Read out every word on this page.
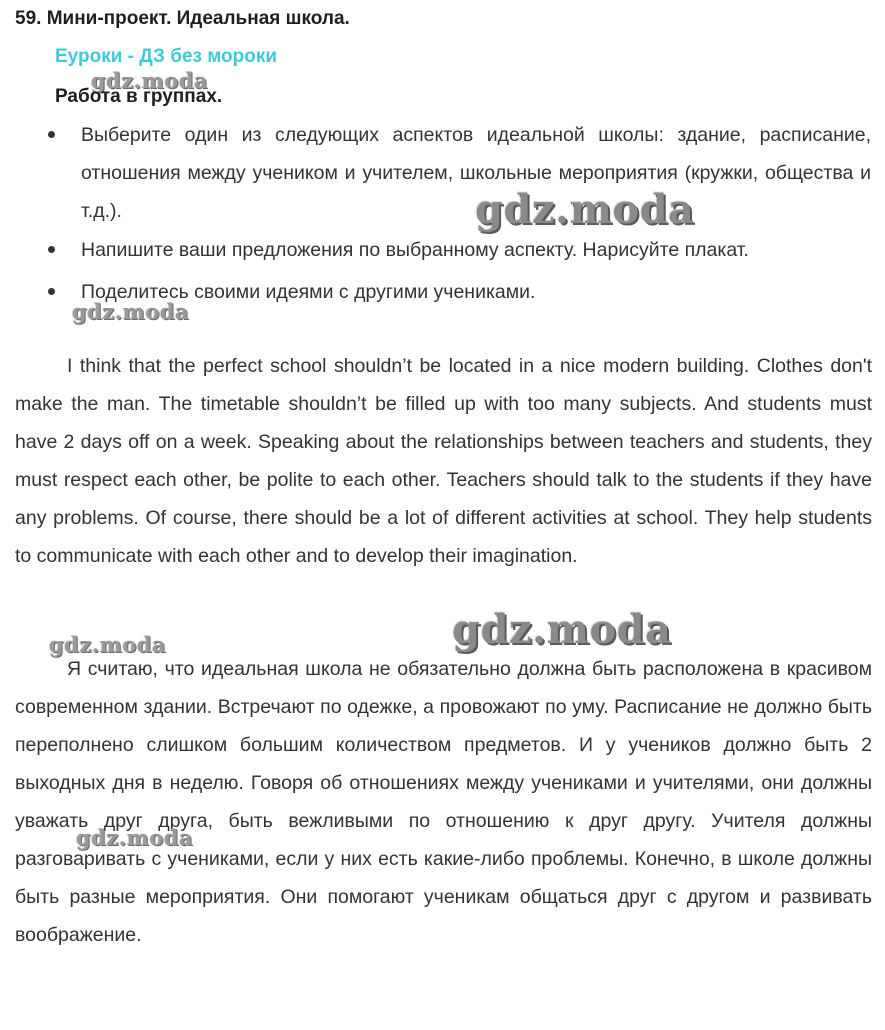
59. Мини-проект. Идеальная школа.
Еуроки - ДЗ без мороки
gdz.moda
Работа в группах.
Выберите один из следующих аспектов идеальной школы: здание, расписание, отношения между учеником и учителем, школьные мероприятия (кружки, общества и т.д.).
Напишите ваши предложения по выбранному аспекту. Нарисуйте плакат.
Поделитесь своими идеями с другими учениками.
gdz.moda
gdz.moda
I think that the perfect school shouldn’t be located in a nice modern building. Clothes don't make the man. The timetable shouldn’t be filled up with too many subjects. And students must have 2 days off on a week. Speaking about the relationships between teachers and students, they must respect each other, be polite to each other. Teachers should talk to the students if they have any problems. Of course, there should be a lot of different activities at school. They help students to communicate with each other and to develop their imagination.
gdz.moda	gdz.moda
Я считаю, что идеальная школа не обязательно должна быть расположена в красивом современном здании. Встречают по одежке, а провожают по уму. Расписание не должно быть переполнено слишком большим количеством предметов. И у учеников должно быть 2 выходных дня в неделю. Говоря об отношениях между учениками и учителями, они должны уважать друг друга, быть вежливыми по отношению к друг другу. Учителя должны разговаривать с учениками, если у них есть какие-либо проблемы. Конечно, в школе должны быть разные мероприятия. Они помогают ученикам общаться друг с другом и развивать воображение.
gdz.moda
